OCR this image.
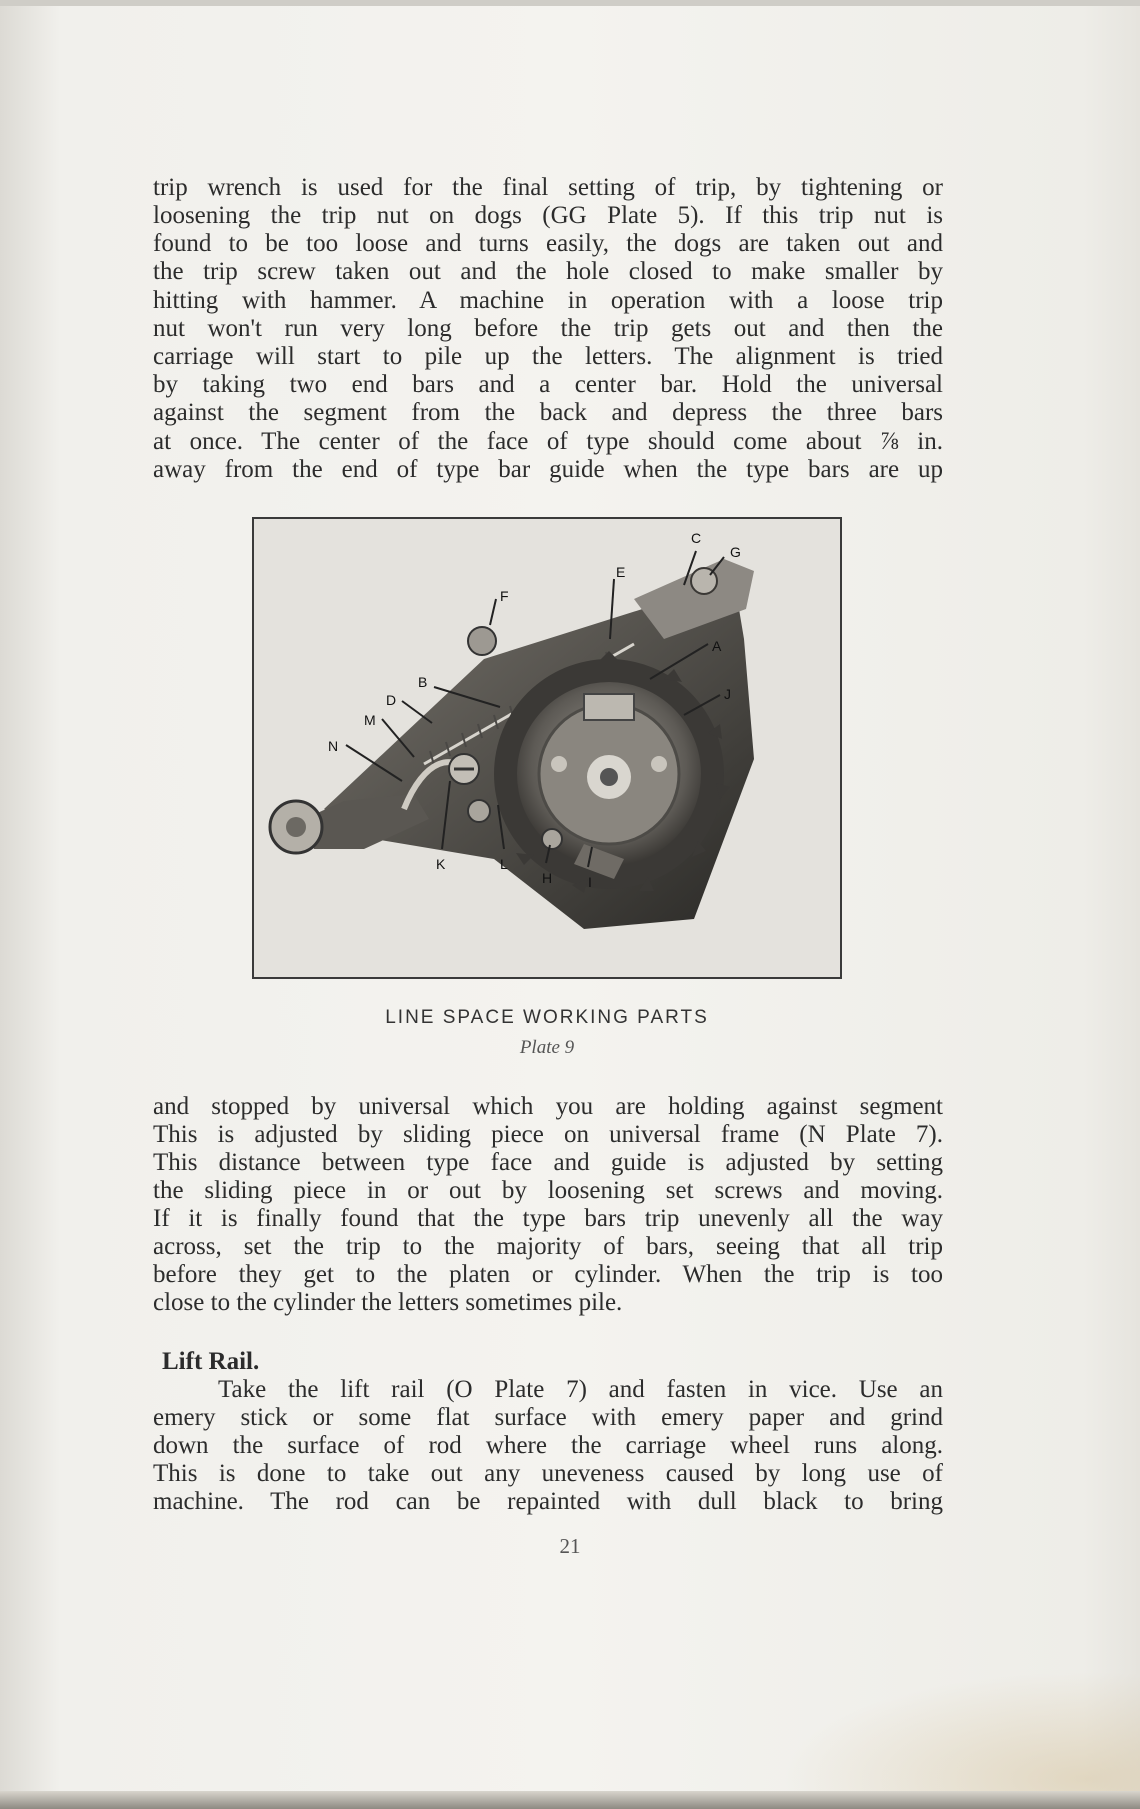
trip wrench is used for the final setting of trip, by tightening or

loosening the trip nut on dogs (GG Plate 5). If this trip nut is

found to be too loose and turns easily, the dogs are taken out and

the trip screw taken out and the hole closed to make smaller by

hitting with hammer. A machine in operation with a loose trip

nut won't run very long before the trip gets out and then the

carriage will start to pile up the letters. The alignment is tried

by taking two end bars and a center bar. Hold the universal

against the segment from the back and depress the three bars

at once. The center of the face of type should come about ⅞ in.

away from the end of type bar guide when the type bars are up

C
G
E
F
A
J
B
D
M
N
K	L
H	I

LINE SPACE WORKING PARTS

Plate 9

and stopped by universal which you are holding against segment

This is adjusted by sliding piece on universal frame (N Plate 7).

This distance between type face and guide is adjusted by setting

the sliding piece in or out by loosening set screws and moving.

If it is finally found that the type bars trip unevenly all the way

across, set the trip to the majority of bars, seeing that all trip

before they get to the platen or cylinder. When the trip is too

close to the cylinder the letters sometimes pile.

Lift Rail.

Take the lift rail (O Plate 7) and fasten in vice. Use an

emery stick or some flat surface with emery paper and grind

down the surface of rod where the carriage wheel runs along.

This is done to take out any uneveness caused by long use of

machine. The rod can be repainted with dull black to bring

21
